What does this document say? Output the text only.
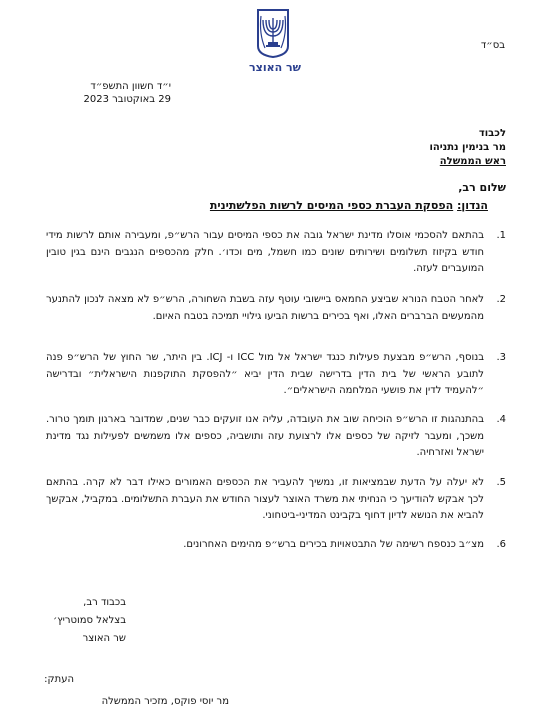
שר האוצר
בס״ד
י״ד חשוון התשפ״ד
29 באוקטובר 2023
לכבוד
מר בנימין נתניהו
ראש הממשלה
שלום רב,
הנדון: הפסקת העברת כספי המיסים לרשות הפלשתינית
1.
בהתאם להסכמי אוסלו מדינת ישראל גובה את כספי המיסים עבור הרש״פ, ומעבירה אותם לרשות מידי חודש בקיזוז תשלומים ושירותים שונים כמו חשמל, מים וכדו׳. חלק מהכספים הנגבים הינם בגין טובין המועברים לעזה.
2.
לאחר הטבח הנורא שביצע החמאס ביישובי עוטף עזה בשבת השחורה, הרש״פ לא מצאה לנכון להתנער מהמעשים הברברים האלו, ואף בכירים ברשות הביעו גילויי תמיכה בטבח האיום.
3.
בנוסף, הרש״פ מבצעת פעילות כנגד ישראל אל מול ICC ו- ICJ. בין היתר, שר החוץ של הרש״פ פנה לתובע הראשי של בית הדין בדרישה שבית הדין יביא ״להפסקת התוקפנות הישראלית״ ובדרישה ״להעמיד לדין את פושעי המלחמה הישראלים״.
4.
בהתנהגות זו הרש״פ הוכיחה שוב את העובדה, עליה אנו זועקים כבר שנים, שמדובר בארגון תומך טרור. משכך, ומעבר לזיקה של כספים אלו לרצועת עזה ותושביה, כספים אלו משמשים לפעילות נגד מדינת ישראל ואזרחיה.
5.
לא יעלה על הדעת שבמציאות זו, נמשיך להעביר את הכספים האמורים כאילו דבר לא קרה. בהתאם לכך אבקש להודיעך כי הנחיתי את משרד האוצר לעצור החודש את העברת התשלומים. במקביל, אבקשך להביא את הנושא לדיון דחוף בקבינט המדיני-ביטחוני.
6.
מצ״ב כנספח רשימה של התבטאויות בכירים ברש״פ מהימים האחרונים.
בכבוד רב,
בצלאל סמוטריץ׳
שר האוצר
העתק:
מר יוסי פוקס, מזכיר הממשלה
